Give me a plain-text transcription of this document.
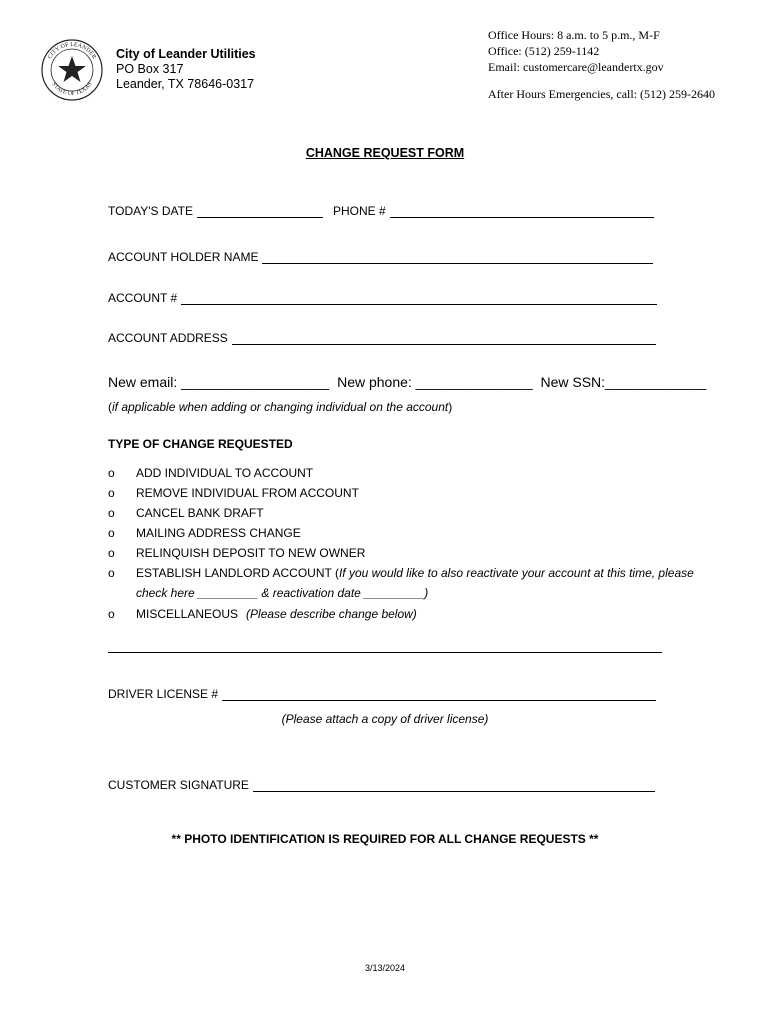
CITY OF LEANDER
STATE OF TEXAS
City of Leander Utilities
PO Box 317
Leander, TX 78646-0317
Office Hours: 8 a.m. to 5 p.m., M-F
Office: (512) 259-1142
Email: customercare@leandertx.gov
After Hours Emergencies, call: (512) 259-2640
CHANGE REQUEST FORM
TODAY'S DATE	PHONE #
ACCOUNT HOLDER NAME
ACCOUNT #
ACCOUNT ADDRESS
New email: ___________________ New phone: _______________ New SSN:_____________
( if applicable when adding or changing individual on the account )
TYPE OF CHANGE REQUESTED
o ADD INDIVIDUAL TO ACCOUNT
o REMOVE INDIVIDUAL FROM ACCOUNT
o CANCEL BANK DRAFT
o MAILING ADDRESS CHANGE
o RELINQUISH DEPOSIT TO NEW OWNER
o ESTABLISH LANDLORD ACCOUNT (If you would like to also reactivate your account at this time, please
check here _________ & reactivation date _________)
o MISCELLANEOUS (Please describe change below)
DRIVER LICENSE #
(Please attach a copy of driver license)
CUSTOMER SIGNATURE
** PHOTO IDENTIFICATION IS REQUIRED FOR ALL CHANGE REQUESTS **
3/13/2024
